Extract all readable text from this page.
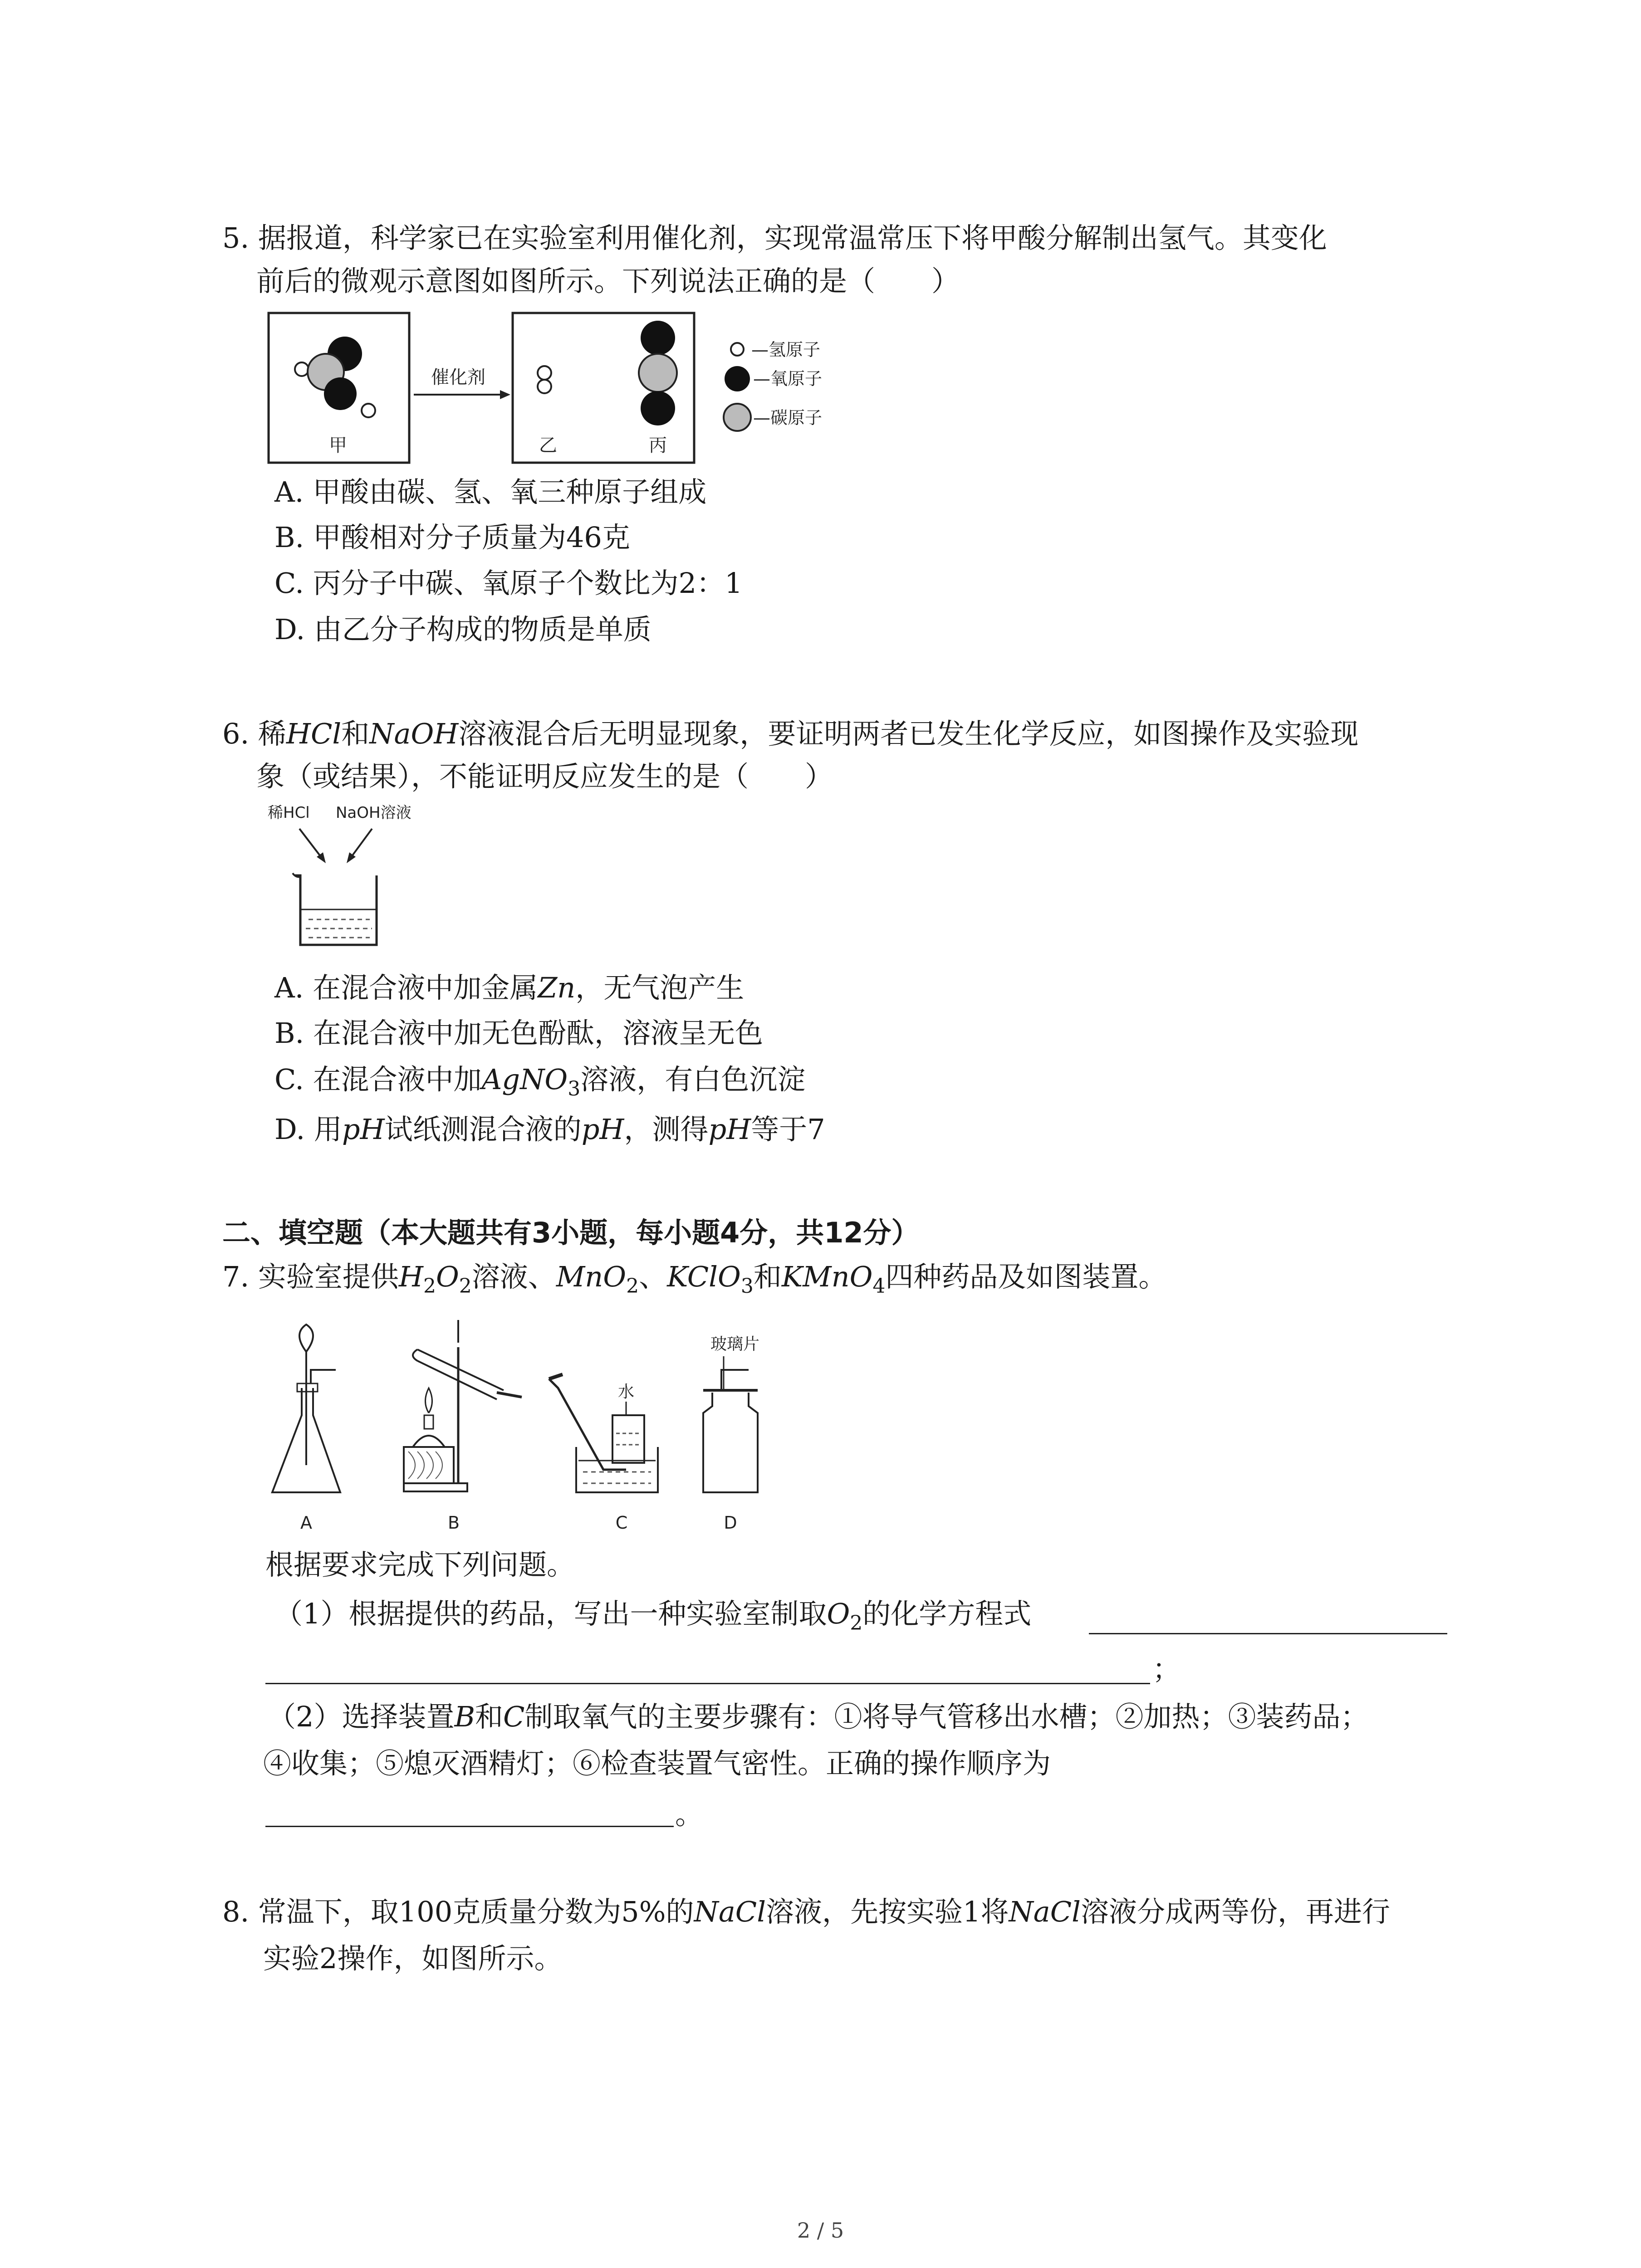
5. 据报道，科学家已在实验室利用催化剂，实现常温常压下将甲酸分解制出氢气。其变化
前后的微观示意图如图所示。下列说法正确的是（　　）
甲
催化剂
乙	丙
—氢原子
—氧原子
—碳原子
A. 甲酸由碳、氢、氧三种原子组成
B. 甲酸相对分子质量为46克
C. 丙分子中碳、氧原子个数比为2：1
D. 由乙分子构成的物质是单质
6. 稀HCl和NaOH溶液混合后无明显现象，要证明两者已发生化学反应，如图操作及实验现
象（或结果），不能证明反应发生的是（　　）
稀HCl NaOH溶液
A. 在混合液中加金属Zn，无气泡产生
B. 在混合液中加无色酚酞，溶液呈无色
C. 在混合液中加AgNO$_3$溶液，有白色沉淀
D. 用pH试纸测混合液的pH，测得pH等于7
二、填空题（本大题共有3小题，每小题4分，共12分）
7. 实验室提供$H_2O_2$溶液、MnO$_2$、KClO$_3$和KMnO$_4$四种药品及如图装置。
A	B
水
C
玻璃片
D
根据要求完成下列问题。
（1）根据提供的药品，写出一种实验室制取$O_2$的化学方程式
；
（2）选择装置B和C制取氧气的主要步骤有：①将导气管移出水槽；②加热；③装药品；
④收集；⑤熄灭酒精灯；⑥检查装置气密性。正确的操作顺序为
。
8. 常温下，取100克质量分数为5%的NaCl溶液，先按实验1将NaCl溶液分成两等份，再进行
实验2操作，如图所示。
2 / 5
